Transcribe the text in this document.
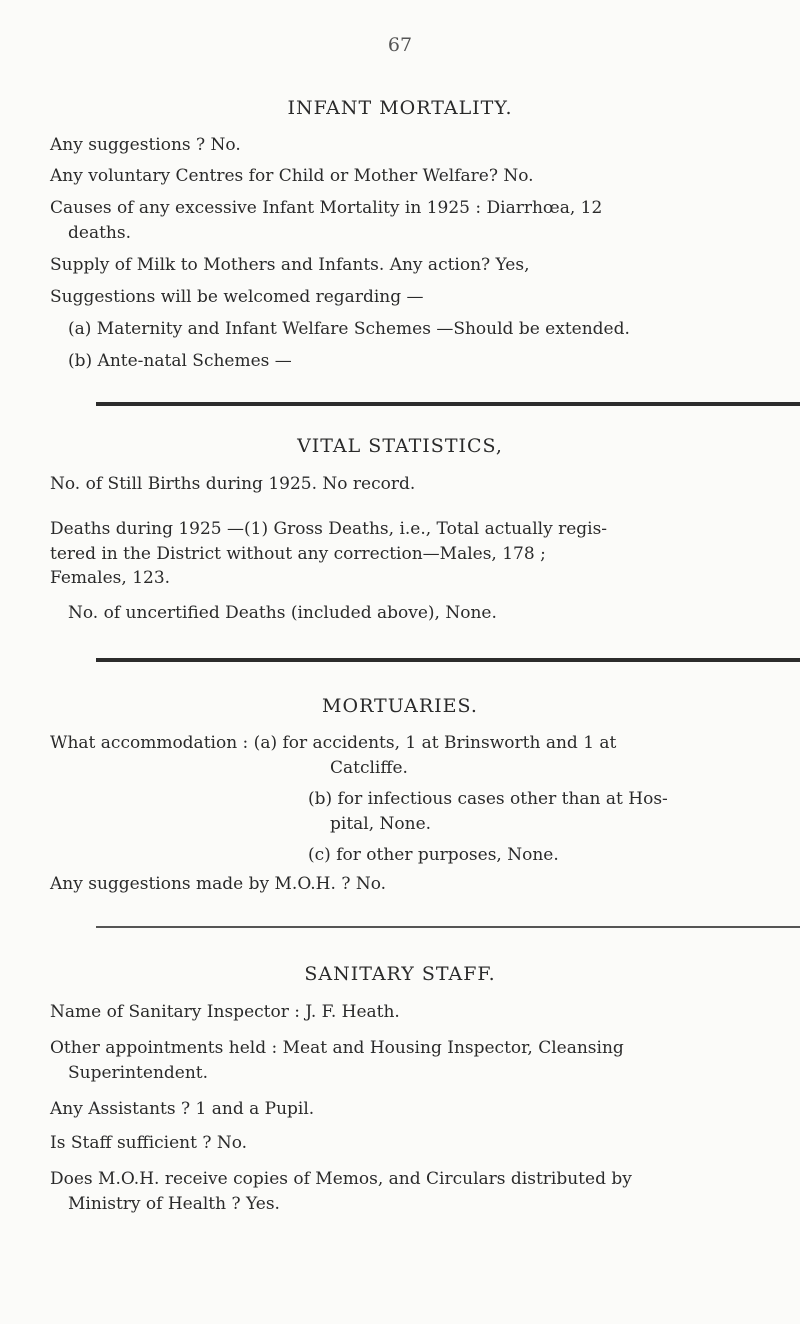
67
INFANT MORTALITY.
Any suggestions ? No.
Any voluntary Centres for Child or Mother Welfare? No.
Causes of any excessive Infant Mortality in 1925 : Diarrhœa, 12
deaths.
Supply of Milk to Mothers and Infants. Any action? Yes,
Suggestions will be welcomed regarding —
(a) Maternity and Infant Welfare Schemes —Should be extended.
(b) Ante-natal Schemes —
VITAL STATISTICS,
No. of Still Births during 1925. No record.
Deaths during 1925 —(1) Gross Deaths, i.e., Total actually regis-
tered in the District without any correction—Males, 178 ;
Females, 123.
No. of uncertified Deaths (included above), None.
MORTUARIES.
What accommodation : (a) for accidents, 1 at Brinsworth and 1 at
Catcliffe.
(b) for infectious cases other than at Hos-
pital, None.
(c) for other purposes, None.
Any suggestions made by M.O.H. ? No.
SANITARY STAFF.
Name of Sanitary Inspector : J. F. Heath.
Other appointments held : Meat and Housing Inspector, Cleansing
Superintendent.
Any Assistants ? 1 and a Pupil.
Is Staff sufficient ? No.
Does M.O.H. receive copies of Memos, and Circulars distributed by
Ministry of Health ? Yes.
